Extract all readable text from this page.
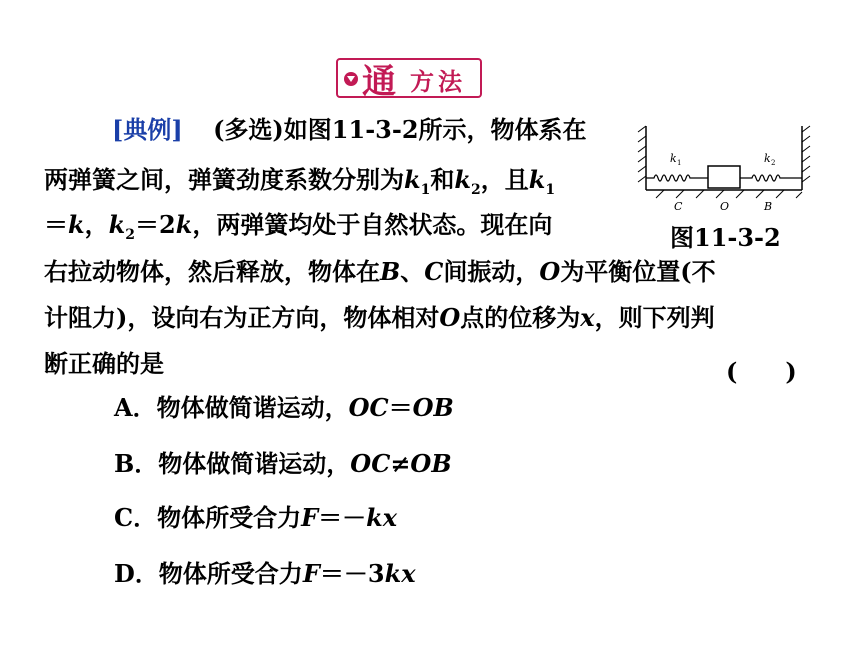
通 方法
[典例] (多选)如图11-3-2所示，物体系在
两弹簧之间，弹簧劲度系数分别为$k_1$和$k_2$，且$k_1$
＝k，$k_2=2k$，两弹簧均处于自然状态。现在向
右拉动物体，然后释放，物体在B、C间振动，O为平衡位置(不
计阻力)，设向右为正方向，物体相对O点的位移为x，则下列判
断正确的是	(　　)
k 1	k 2
C	O	B
图11-3-2
A．物体做简谐运动，OC＝OB
B．物体做简谐运动，OC≠OB
C．物体所受合力F＝－kx
D．物体所受合力F＝－3kx
